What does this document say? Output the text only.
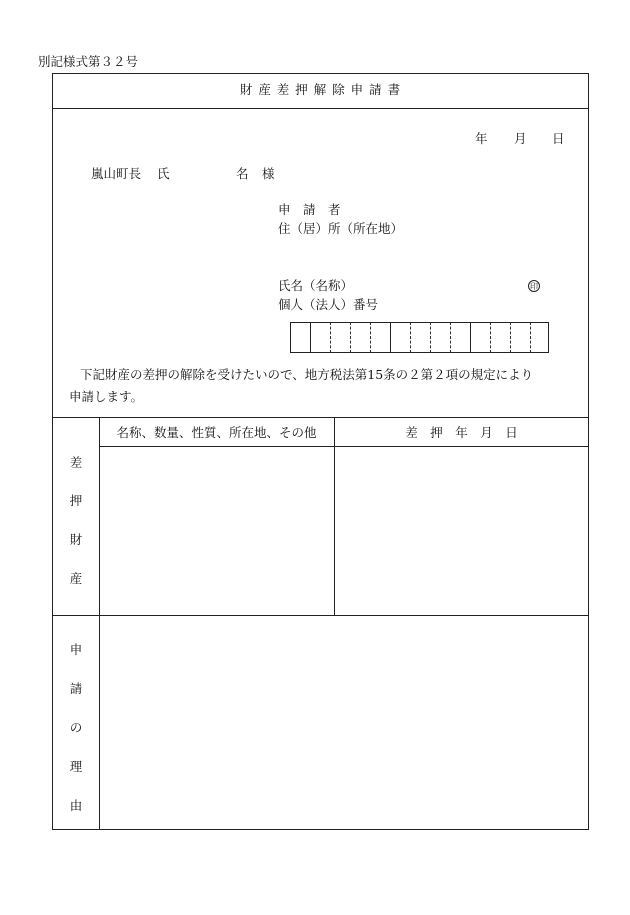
別記様式第３２号
財 産 差 押 解 除 申 請 書
年 月 日
嵐山町長 氏	名 様
申　請　者
住（居）所（所在地）
氏名（名称）	印
個人（法人）番号
下記財産の差押の解除を受けたいので、地方税法第15条の２第２項の規定により
申請します。
名称、数量、性質、所在地、その他	差　押　年　月　日
差
押
財
産
申
請
の
理
由
